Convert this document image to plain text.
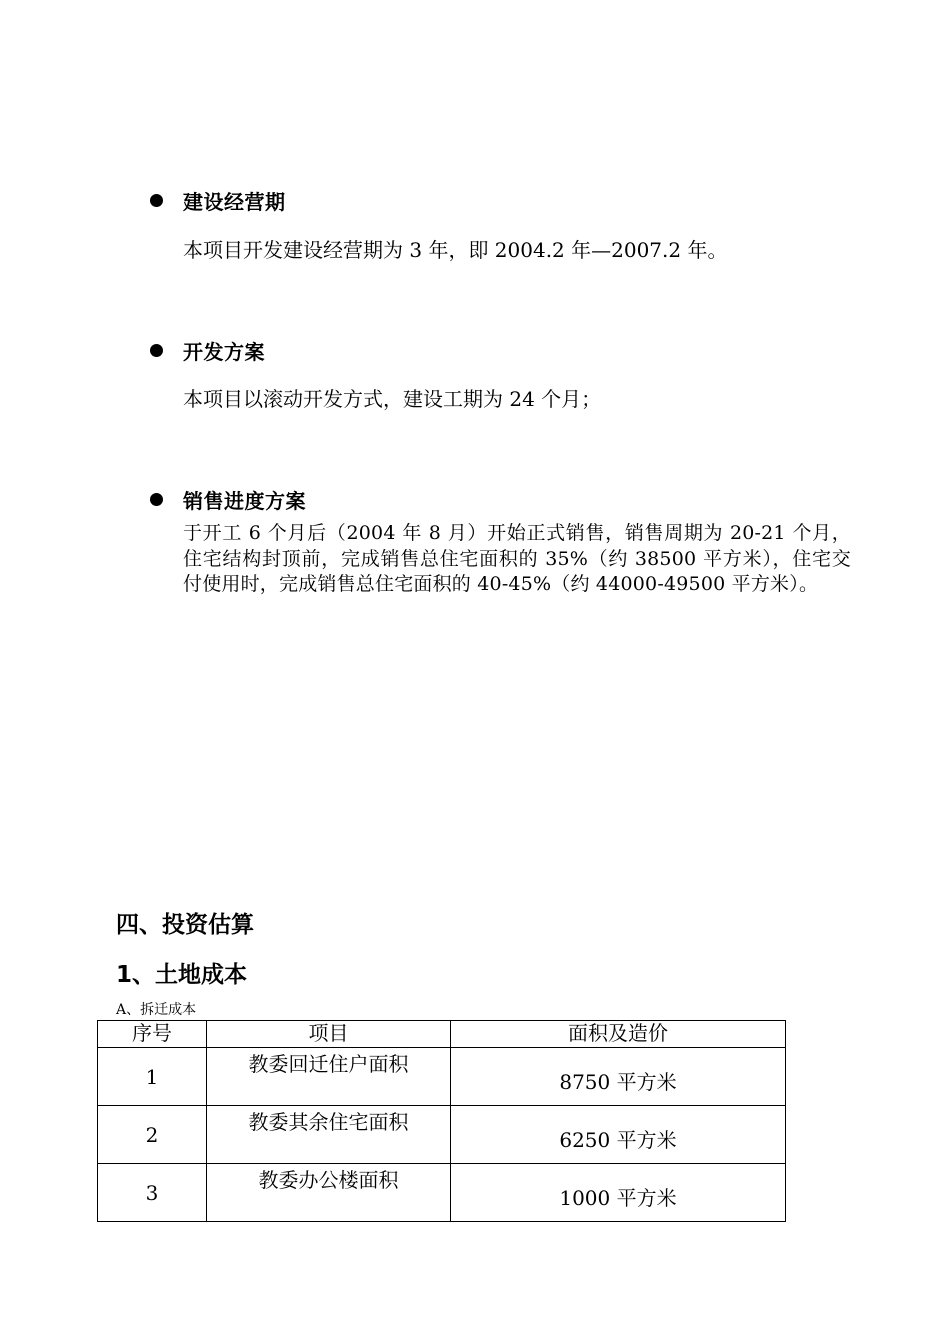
建设经营期
本项目开发建设经营期为 3 年，即 2004.2 年—2007.2 年。
开发方案
本项目以滚动开发方式，建设工期为 24 个月；
销售进度方案
于开工 6 个月后（2004 年 8 月）开始正式销售，销售周期为 20-21 个月，住宅结构封顶前，完成销售总住宅面积的 35%（约 38500 平方米），住宅交付使用时，完成销售总住宅面积的 40-45%（约 44000-49500 平方米）。
四、投资估算
1、土地成本
A、拆迁成本
序号	项目	面积及造价
1	教委回迁住户面积	8750 平方米
2	教委其余住宅面积	6250 平方米
3	教委办公楼面积	1000 平方米
